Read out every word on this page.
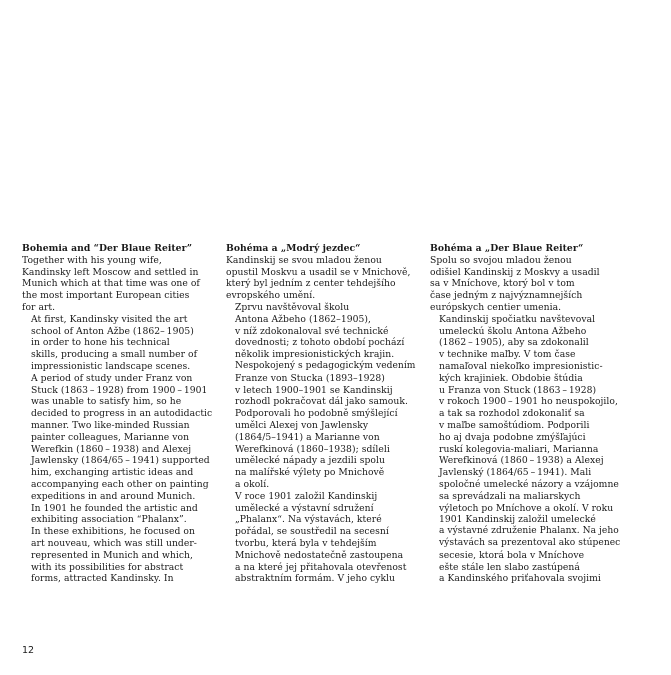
Bohemia and “Der Blaue Reiter”

Together with his young wife,
Kandinsky left Moscow and settled in
Munich which at that time was one of
the most important European cities
for art.

At first, Kandinsky visited the art
school of Anton Ažbe (1862– 1905)
in order to hone his technical
skills, producing a small number of
impressionistic landscape scenes.
A period of study under Franz von
Stuck (1863 – 1928) from 1900 – 1901
was unable to satisfy him, so he
decided to progress in an autodidactic
manner. Two like-minded Russian
painter colleagues, Marianne von
Werefkin (1860 – 1938) and Alexej
Jawlensky (1864/65 – 1941) supported
him, exchanging artistic ideas and
accompanying each other on painting
expeditions in and around Munich.

In 1901 he founded the artistic and
exhibiting association “Phalanx”.
In these exhibitions, he focused on
art nouveau, which was still under-
represented in Munich and which,
with its possibilities for abstract
forms, attracted Kandinsky. In

Bohéma a „Modrý jezdec“

Kandinskij se svou mladou ženou
opustil Moskvu a usadil se v Mnichově,
který byl jedním z center tehdejšího
evropského umění.

Zprvu navštěvoval školu
Antona Ažbeho (1862–1905),
v níž zdokonaloval své technické
dovednosti; z tohoto období pochází
několik impresionistických krajin.
Nespokojený s pedagogickým vedením
Franze von Stucka (1893–1928)
v letech 1900–1901 se Kandinskij
rozhodl pokračovat dál jako samouk.
Podporovali ho podobně smýšlející
umělci Alexej von Jawlensky
(1864/5–1941) a Marianne von
Werefkinová (1860–1938); sdíleli
umělecké nápady a jezdili spolu
na malířské výlety po Mnichově
a okolí.

V roce 1901 založil Kandinskij
umělecké a výstavní sdružení
„Phalanx“. Na výstavách, které
pořádal, se soustředil na secesní
tvorbu, která byla v tehdejším
Mnichově nedostatečně zastoupena
a na které jej přitahovala otevřenost
abstraktním formám. V jeho cyklu

Bohéma a „Der Blaue Reiter“

Spolu so svojou mladou ženou
odišiel Kandinskij z Moskvy a usadil
sa v Mníchove, ktorý bol v tom
čase jedným z najvýznamnejších
európskych centier umenia.

Kandinskij spočiatku navštevoval
umeleckú školu Antona Ažbeho
(1862 – 1905), aby sa zdokonalil
v technike maľby. V tom čase
namaľoval niekoľko impresionistic-
kých krajiniek. Obdobie štúdia
u Franza von Stuck (1863 – 1928)
v rokoch 1900 – 1901 ho neuspokojilo,
a tak sa rozhodol zdokonaliť sa
v maľbe samoštúdiom. Podporili
ho aj dvaja podobne zmýšľajúci
ruskí kolegovia-maliari, Marianna
Werefkinová (1860 – 1938) a Alexej
Javlenský (1864/65 – 1941). Mali
spoločné umelecké názory a vzájomne
sa sprevádzali na maliarskych
výletoch po Mníchove a okolí. V roku
1901 Kandinskij založil umelecké
a výstavné združenie Phalanx. Na jeho
výstavách sa prezentoval ako stúpenec
secesie, ktorá bola v Mníchove
ešte stále len slabo zastúpená
a Kandinského priťahovala svojimi

12
